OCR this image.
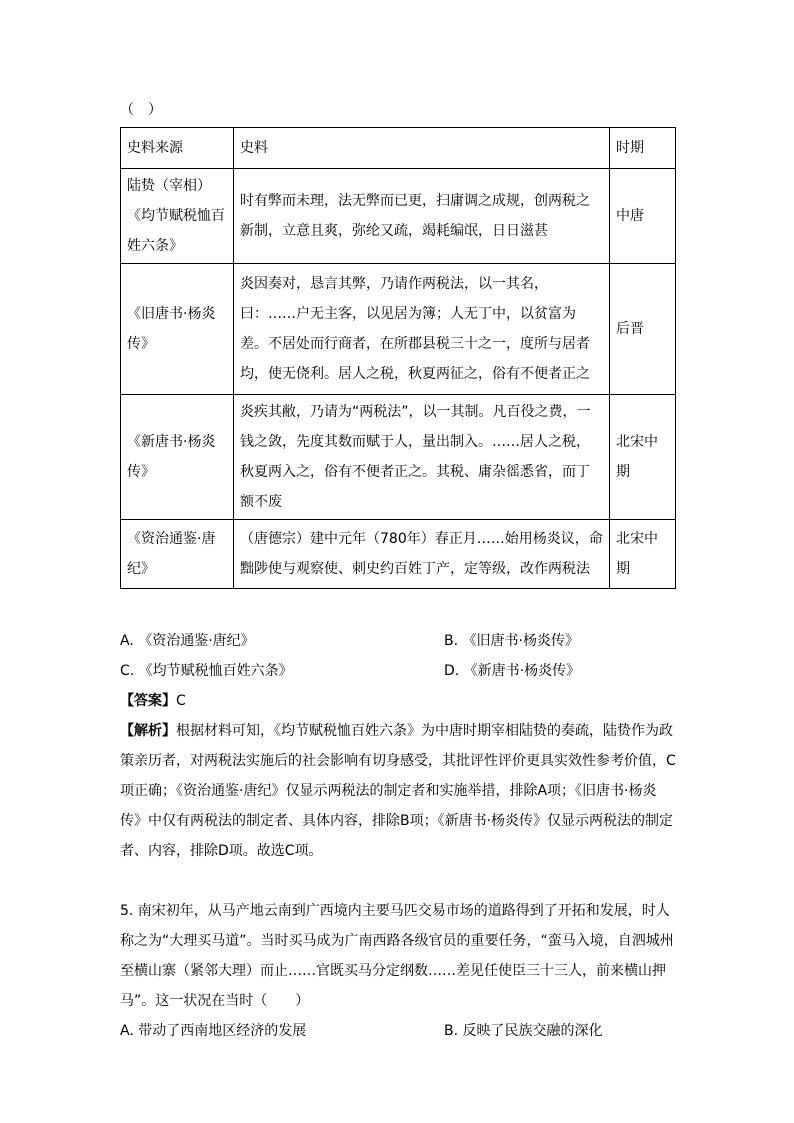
（　）
史料来源	史料	时期
陆贽（宰相）《均节赋税恤百姓六条》	时有弊而未理，法无弊而已更，扫庸调之成规，创两税之新制，立意且爽，弥纶又疏，竭耗编氓，日日滋甚	中唐
《旧唐书·杨炎传》	炎因奏对，恳言其弊，乃请作两税法，以一其名，曰：……户无主客，以见居为簿；人无丁中，以贫富为差。不居处而行商者，在所郡县税三十之一，度所与居者均，使无侥利。居人之税，秋夏两征之，俗有不便者正之	后晋
《新唐书·杨炎传》	炎疾其敝，乃请为“两税法”，以一其制。凡百役之费，一钱之敛，先度其数而赋于人，量出制入。……居人之税，秋夏两入之，俗有不便者正之。其税、庸杂徭悉省，而丁额不废	北宋中期
《资治通鉴·唐纪》	（唐德宗）建中元年（780年）春正月……始用杨炎议，命黜陟使与观察使、刺史约百姓丁产，定等级，改作两税法	北宋中期
A. 《资治通鉴·唐纪》	B. 《旧唐书·杨炎传》
C. 《均节赋税恤百姓六条》	D. 《新唐书·杨炎传》
【答案】C
【解析】根据材料可知，《均节赋税恤百姓六条》为中唐时期宰相陆贽的奏疏，陆贽作为政策亲历者，对两税法实施后的社会影响有切身感受，其批评性评价更具实效性参考价值，C项正确；《资治通鉴·唐纪》仅显示两税法的制定者和实施举措，排除A项；《旧唐书·杨炎传》中仅有两税法的制定者、具体内容，排除B项；《新唐书·杨炎传》仅显示两税法的制定者、内容，排除D项。故选C项。
5. 南宋初年，从马产地云南到广西境内主要马匹交易市场的道路得到了开拓和发展，时人称之为“大理买马道”。当时买马成为广南西路各级官员的重要任务，“蛮马入境，自泗城州至横山寨（紧邻大理）而止……官既买马分定纲数……差见任使臣三十三人，前来横山押马”。这一状况在当时（　　）
A. 带动了西南地区经济的发展	B. 反映了民族交融的深化
